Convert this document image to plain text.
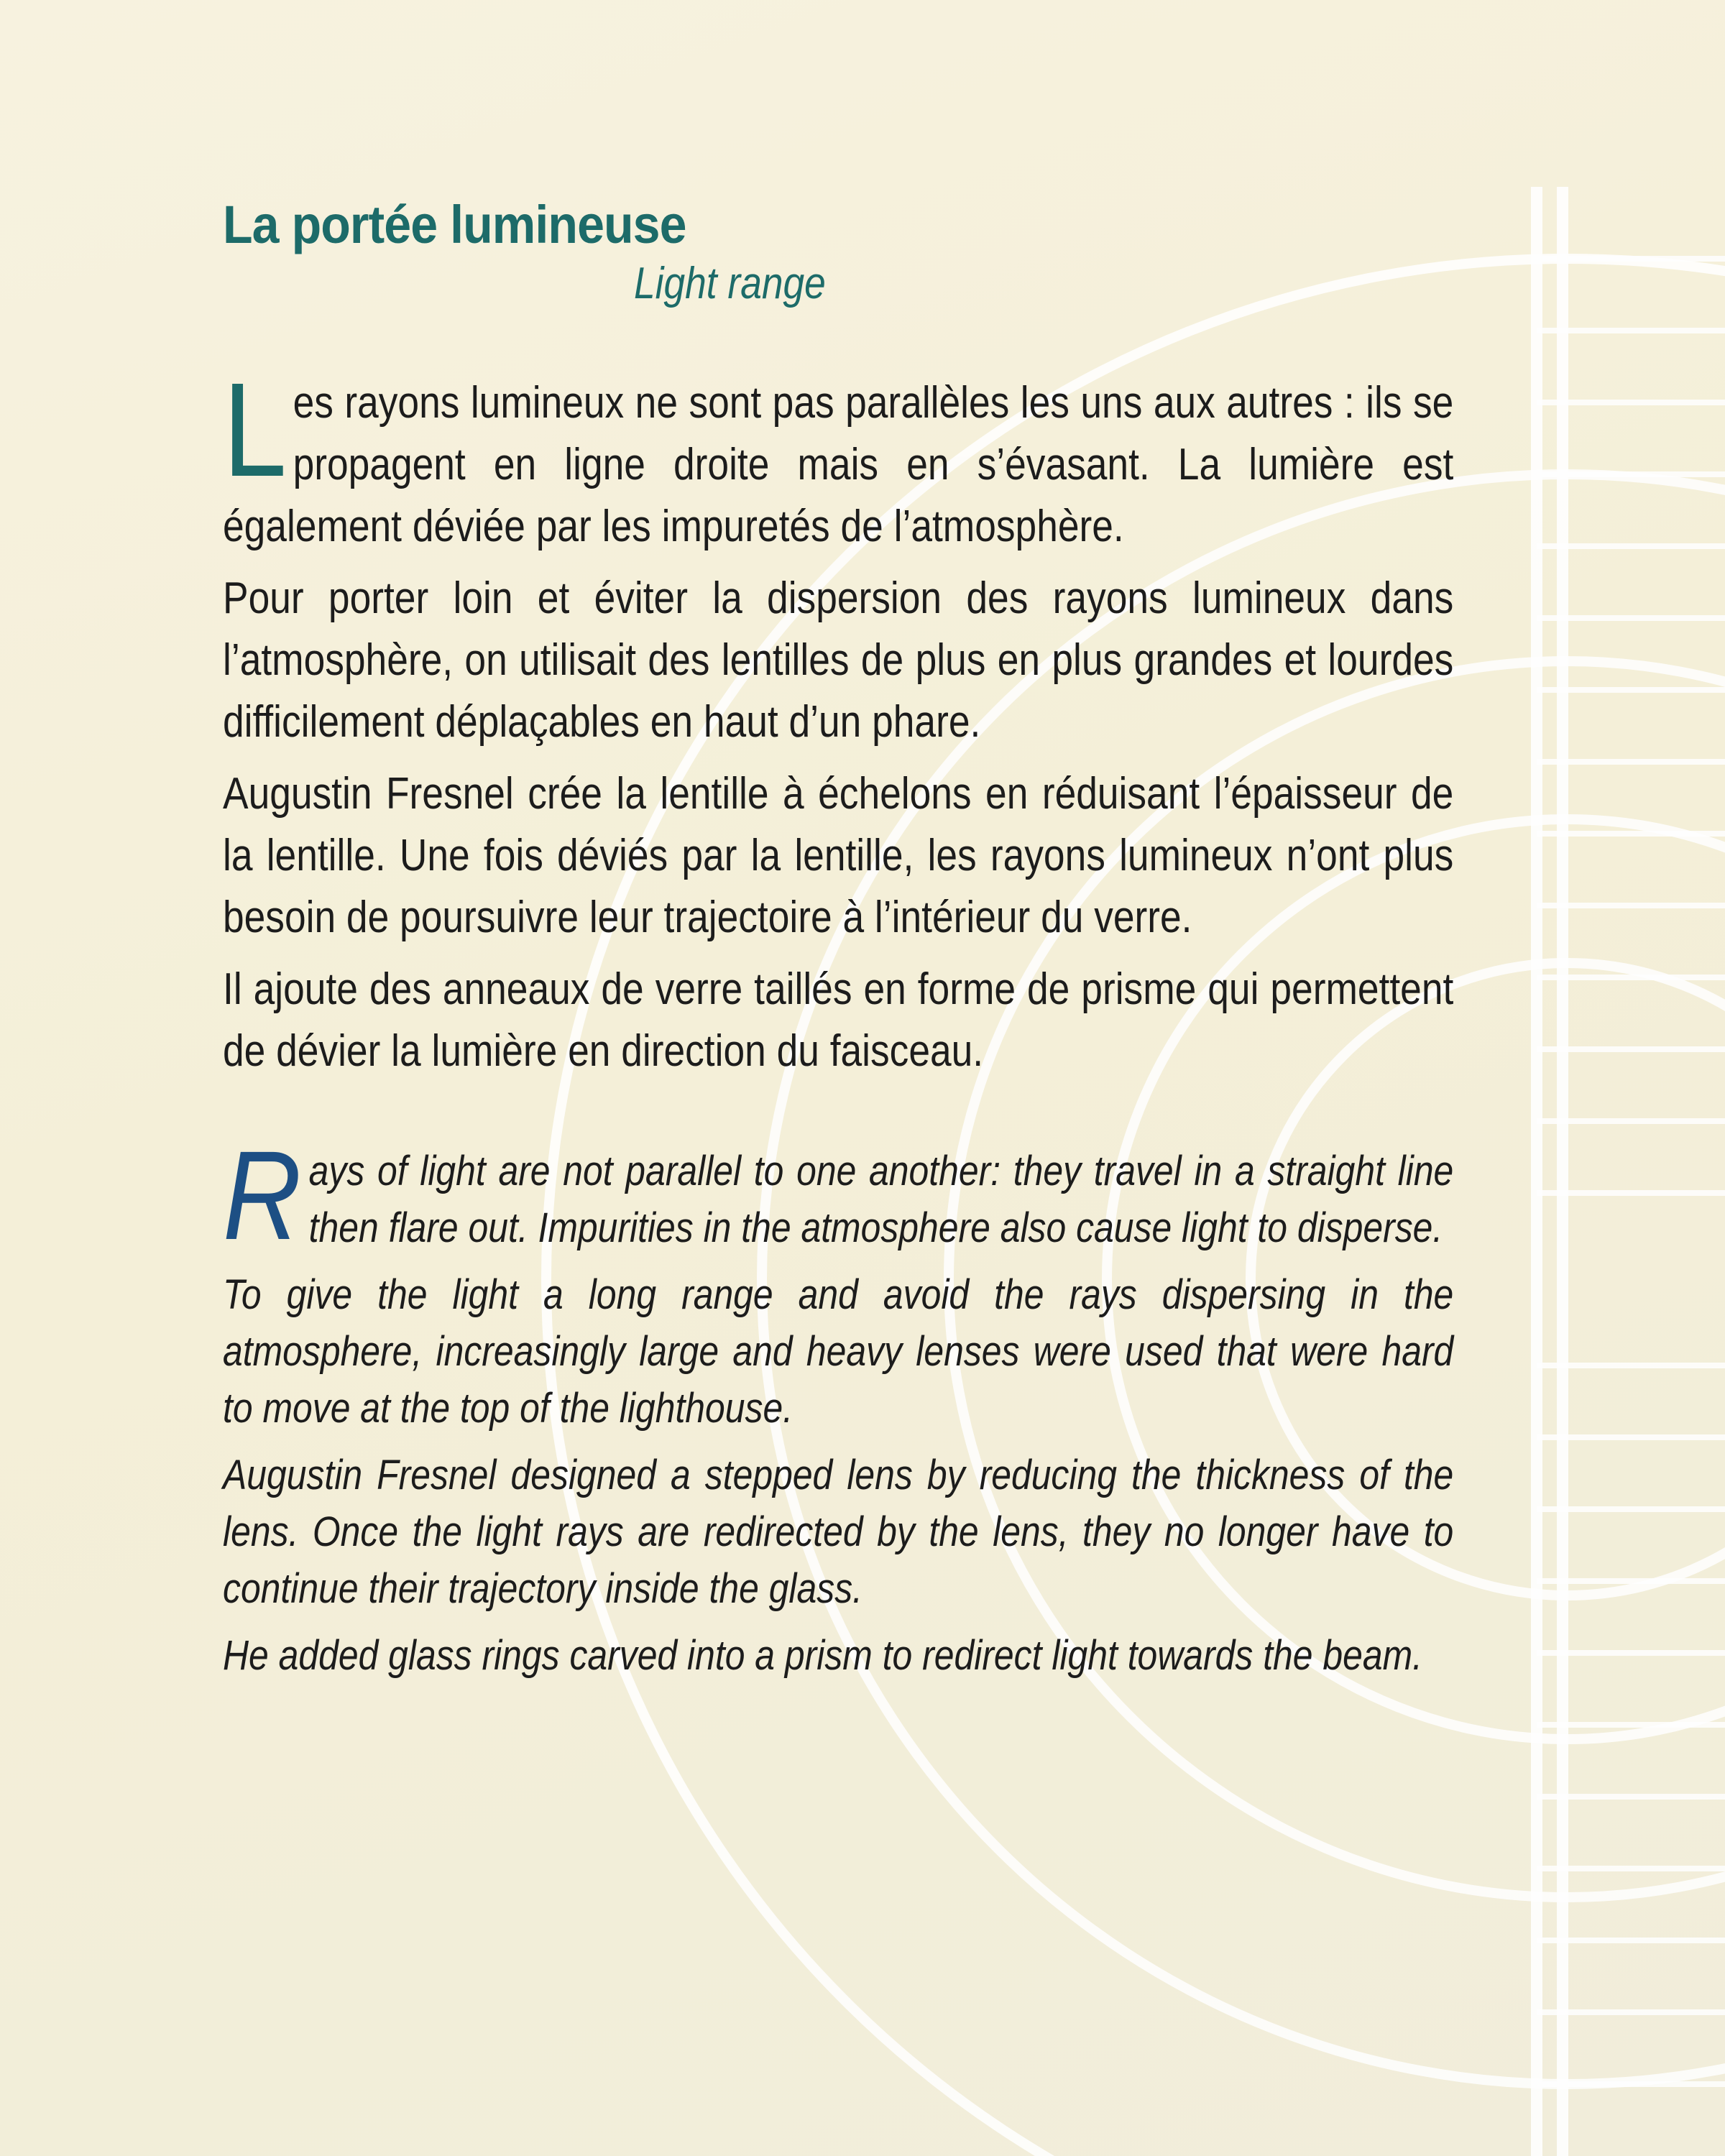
La portée lumineuse
Light range

Les rayons lumineux ne sont pas parallèles les uns aux autres : ils se propagent en ligne droite mais en s’évasant. La lumière est également déviée par les impuretés de l’atmosphère.

Pour porter loin et éviter la dispersion des rayons lumineux dans l’atmosphère, on utilisait des lentilles de plus en plus grandes et lourdes difficilement déplaçables en haut d’un phare.

Augustin Fresnel crée la lentille à échelons en réduisant l’épaisseur de la lentille. Une fois déviés par la lentille, les rayons lumineux n’ont plus besoin de poursuivre leur trajectoire à l’intérieur du verre.

Il ajoute des anneaux de verre taillés en forme de prisme qui permettent de dévier la lumière en direction du faisceau.

Rays of light are not parallel to one another: they travel in a straight line then flare out. Impurities in the atmosphere also cause light to disperse.

To give the light a long range and avoid the rays dispersing in the atmosphere, increasingly large and heavy lenses were used that were hard to move at the top of the lighthouse.

Augustin Fresnel designed a stepped lens by reducing the thickness of the lens. Once the light rays are redirected by the lens, they no longer have to continue their trajectory inside the glass.

He added glass rings carved into a prism to redirect light towards the beam.
